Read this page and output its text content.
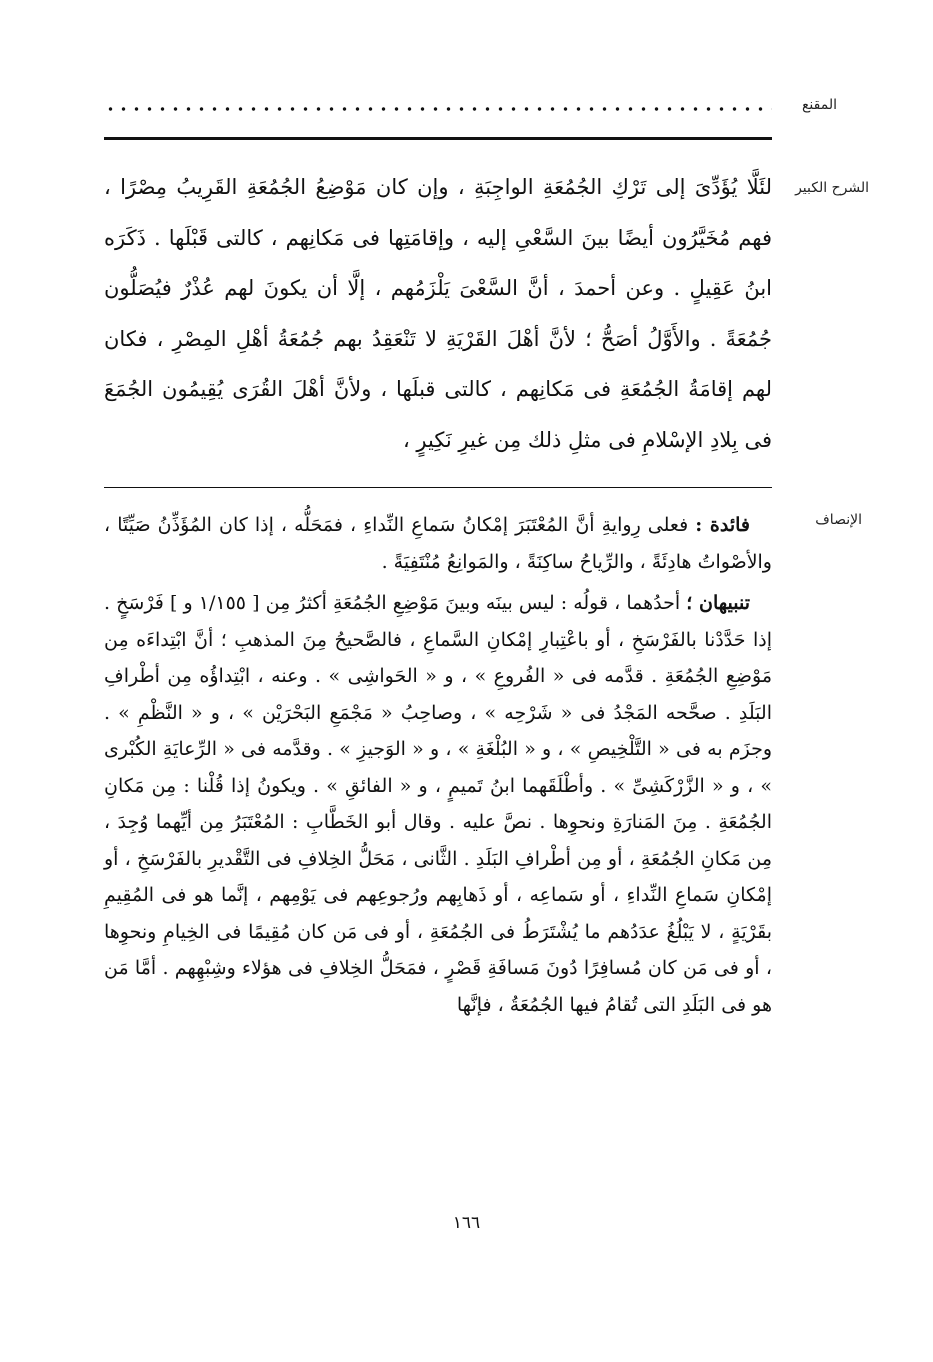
المقنع
الشرح الكبير

لئَلَّا يُؤَدِّىَ إلى تَرْكِ الجُمُعَةِ الواجِبَةِ ، وإن كان مَوْضِعُ الجُمُعَةِ القَرِيبُ مِصْرًا ، فهم مُخَيَّرُون أيضًا بينَ السَّعْىِ إليه ، وإقامَتِها فى مَكانِهم ، كالتى قَبْلَها . ذَكَرَه ابنُ عَقِيلٍ . وعن أحمدَ ، أنَّ السَّعْىَ يَلْزَمُهم ، إلَّا أن يكونَ لهم عُذْرٌ فيُصَلُّون جُمُعَةً . والأَوَّلُ أصَحُّ ؛ لأنَّ أهْلَ القَرْيَةِ لا تَنْعَقِدُ بهم جُمُعَةُ أهْلِ المِصْرِ ، فكان لهم إقامَةُ الجُمُعَةِ فى مَكانِهم ، كالتى قبلَها ، ولأنَّ أهْلَ القُرَى يُقِيمُون الجُمَعَ فى بِلادِ الإسْلامِ فى مثلِ ذلك مِن غيرِ نَكِيرٍ ،

الإنصاف

فائدة : فعلى رِوايةِ أنَّ المُعْتَبَرَ إمْكانُ سَماعِ النِّداءِ ، فمَحَلُّه ، إذا كان المُؤَذِّنُ صَيِّتًا ، والأصْواتُ هادِئَةً ، والرِّياحُ ساكِنَةً ، والمَوانِعُ مُنْتَفِيَةً .

تنبيهان ؛ أحدُهما ، قولُه : ليس بينَه وبينَ مَوْضِعِ الجُمُعَةِ أكثرُ مِن [ ١/١٥٥ و ] فَرْسَخٍ . إذا حَدَّدْنا بالفَرْسَخِ ، أو باعْتِبارِ إمْكانِ السَّماعِ ، فالصَّحيحُ مِنَ المذهبِ ؛ أنَّ ابْتِداءَه مِن مَوْضِعِ الجُمُعَةِ . قدَّمه فى « الفُروعِ » ، و « الحَواشِى » . وعنه ، ابْتِداؤُه مِن أطْرافِ البَلَدِ . صحَّحه المَجْدُ فى « شَرْحِه » ، وصاحِبُ « مَجْمَعِ البَحْرَيْن » ، و « النَّظْمِ » . وجزَم به فى « التَّلْخِيصِ » ، و « البُلْغَةِ » ، و « الوَجيزِ » . وقدَّمه فى « الرِّعايَةِ الكُبْرى » ، و « الزَّرْكَشِىِّ » . وأطْلَقَهما ابنُ تَميمٍ ، و « الفائقِ » . ويكونُ إذا قُلْنا : مِن مَكانِ الجُمُعَةِ . مِنَ المَنارَةِ ونحوِها . نصَّ عليه . وقال أبو الخَطَّابِ : المُعْتَبَرُ مِن أيِّهما وُجِدَ ، مِن مَكانِ الجُمُعَةِ ، أو مِن أطْرافِ البَلَدِ . الثَّانى ، مَحَلُّ الخِلافِ فى التَّقْديرِ بالفَرْسَخِ ، أو إمْكانِ سَماعِ النِّداءِ ، أو سَماعِه ، أو ذَهابِهم ورُجوعِهم فى يَوْمِهم ، إنَّما هو فى المُقِيمِ بقَرْيَةٍ ، لا يَبْلُغُ عدَدُهم ما يُشْتَرَطُ فى الجُمُعَةِ ، أو فى مَن كان مُقِيمًا فى الخِيامِ ونحوِها ، أو فى مَن كان مُسافِرًا دُونَ مَسافَةِ قَصْرٍ ، فمَحَلُّ الخِلافِ فى هؤلاء وشِبْهِهم . أمَّا مَن هو فى البَلَدِ التى تُقامُ فيها الجُمُعَةُ ، فإنَّها

١٦٦
